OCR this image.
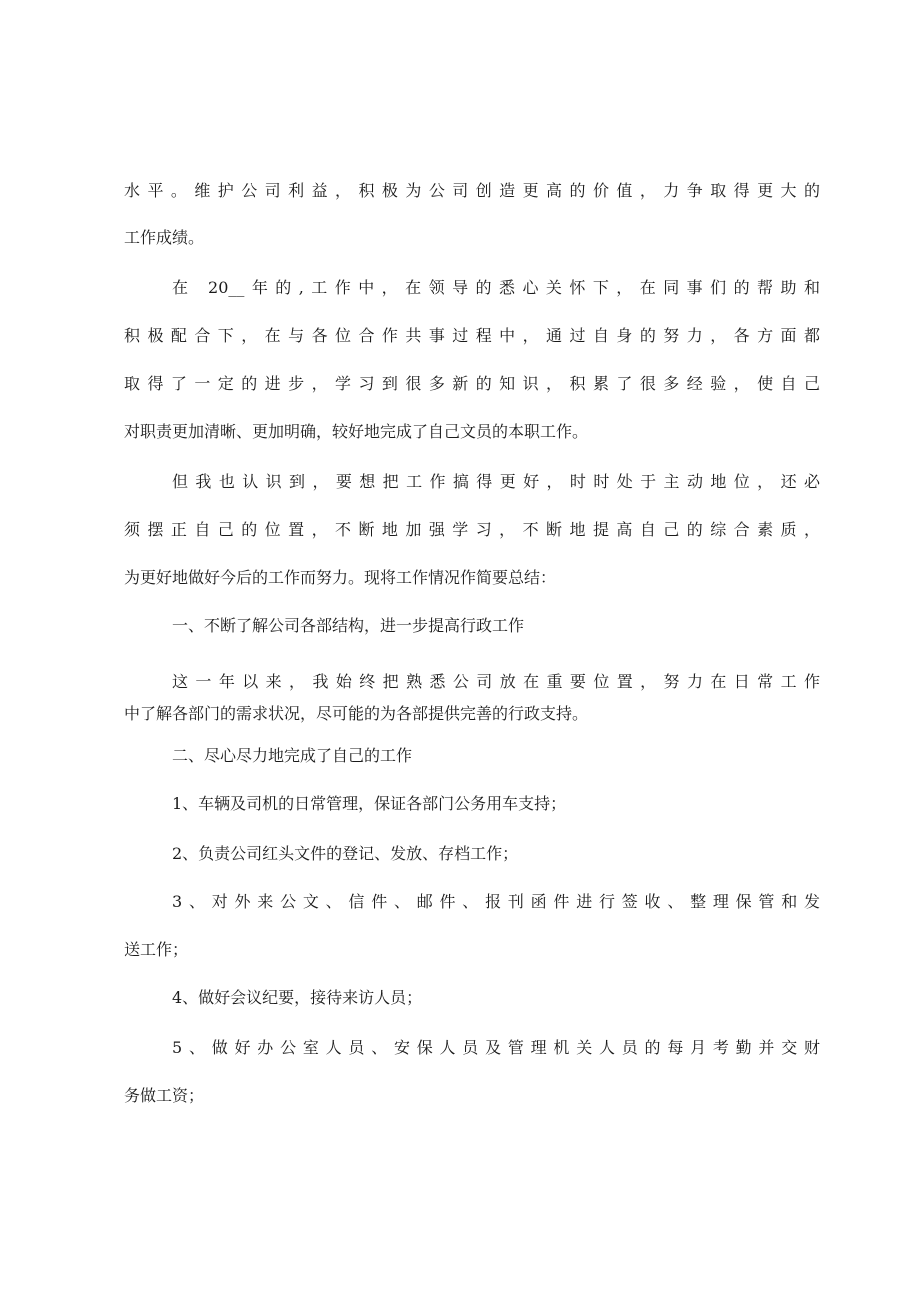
水平。维护公司利益，积极为公司创造更高的价值，力争取得更大的
工作成绩。
在 20__年的,工作中，在领导的悉心关怀下，在同事们的帮助和
积极配合下，在与各位合作共事过程中，通过自身的努力，各方面都
取得了一定的进步，学习到很多新的知识，积累了很多经验，使自己
对职责更加清晰、更加明确，较好地完成了自己文员的本职工作。
但我也认识到，要想把工作搞得更好，时时处于主动地位，还必
须摆正自己的位置，不断地加强学习，不断地提高自己的综合素质，
为更好地做好今后的工作而努力。现将工作情况作简要总结：
一、不断了解公司各部结构，进一步提高行政工作
这一年以来，我始终把熟悉公司放在重要位置，努力在日常工作
中了解各部门的需求状况，尽可能的为各部提供完善的行政支持。
二、尽心尽力地完成了自己的工作
1、车辆及司机的日常管理，保证各部门公务用车支持；
2、负责公司红头文件的登记、发放、存档工作；
3、对外来公文、信件、邮件、报刊函件进行签收、整理保管和发
送工作；
4、做好会议纪要，接待来访人员；
5、做好办公室人员、安保人员及管理机关人员的每月考勤并交财
务做工资；
